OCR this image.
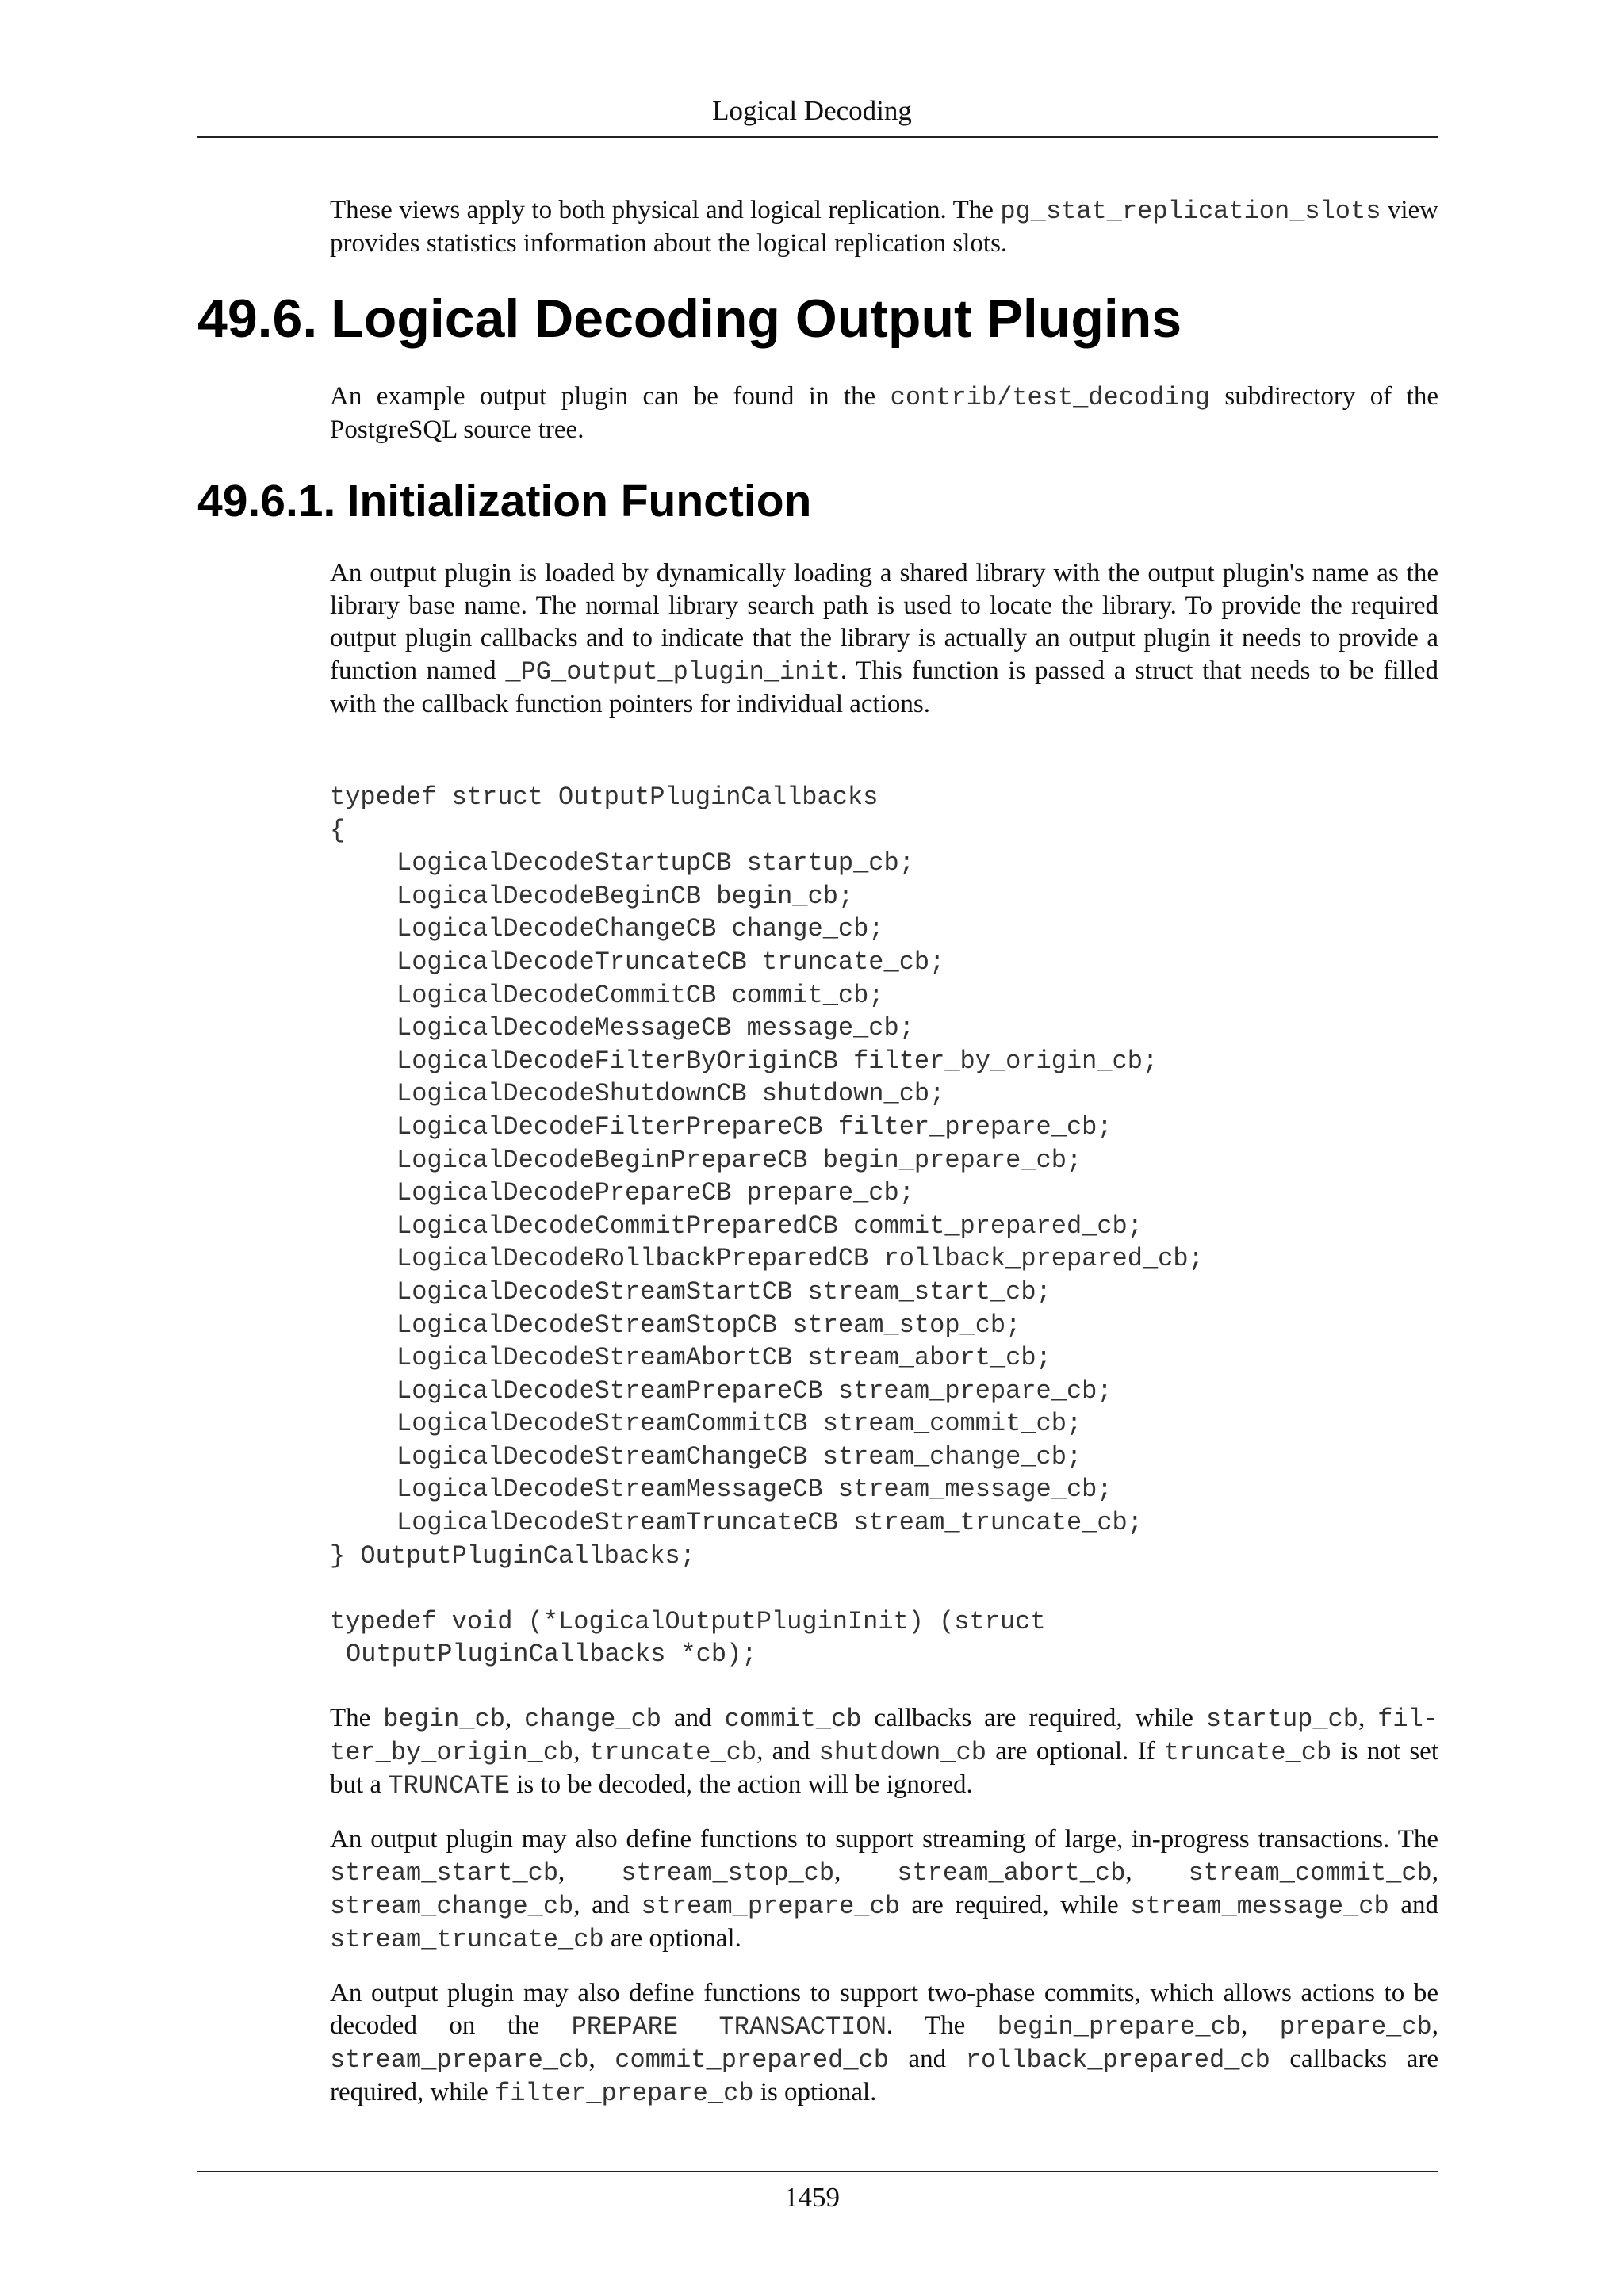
Logical Decoding

These views apply to both physical and logical replication. The pg_stat_replication_slots view provides statistics information about the logical replication slots.

49.6. Logical Decoding Output Plugins

An example output plugin can be found in the contrib/test_decoding subdirectory of the PostgreSQL source tree.

49.6.1. Initialization Function

An output plugin is loaded by dynamically loading a shared library with the output plugin's name as the library base name. The normal library search path is used to locate the library. To provide the required output plugin callbacks and to indicate that the library is actually an output plugin it needs to provide a function named _PG_output_plugin_init. This function is passed a struct that needs to be filled with the callback function pointers for individual actions.

typedef struct OutputPluginCallbacks
{
LogicalDecodeStartupCB startup_cb;
LogicalDecodeBeginCB begin_cb;
LogicalDecodeChangeCB change_cb;
LogicalDecodeTruncateCB truncate_cb;
LogicalDecodeCommitCB commit_cb;
LogicalDecodeMessageCB message_cb;
LogicalDecodeFilterByOriginCB filter_by_origin_cb;
LogicalDecodeShutdownCB shutdown_cb;
LogicalDecodeFilterPrepareCB filter_prepare_cb;
LogicalDecodeBeginPrepareCB begin_prepare_cb;
LogicalDecodePrepareCB prepare_cb;
LogicalDecodeCommitPreparedCB commit_prepared_cb;
LogicalDecodeRollbackPreparedCB rollback_prepared_cb;
LogicalDecodeStreamStartCB stream_start_cb;
LogicalDecodeStreamStopCB stream_stop_cb;
LogicalDecodeStreamAbortCB stream_abort_cb;
LogicalDecodeStreamPrepareCB stream_prepare_cb;
LogicalDecodeStreamCommitCB stream_commit_cb;
LogicalDecodeStreamChangeCB stream_change_cb;
LogicalDecodeStreamMessageCB stream_message_cb;
LogicalDecodeStreamTruncateCB stream_truncate_cb;
} OutputPluginCallbacks;
typedef void (*LogicalOutputPluginInit) (struct
OutputPluginCallbacks *cb);

The begin_cb, change_cb and commit_cb callbacks are required, while startup_cb, fil-ter_by_origin_cb, truncate_cb, and shutdown_cb are optional. If truncate_cb is not set but a TRUNCATE is to be decoded, the action will be ignored.

An output plugin may also define functions to support streaming of large, in-progress transactions. The stream_start_cb, stream_stop_cb, stream_abort_cb, stream_commit_cb, stream_change_cb, and stream_prepare_cb are required, while stream_message_cb and stream_truncate_cb are optional.

An output plugin may also define functions to support two-phase commits, which allows actions to be decoded on the PREPARE TRANSACTION. The begin_prepare_cb, prepare_cb, stream_prepare_cb, commit_prepared_cb and rollback_prepared_cb callbacks are required, while filter_prepare_cb is optional.

1459
